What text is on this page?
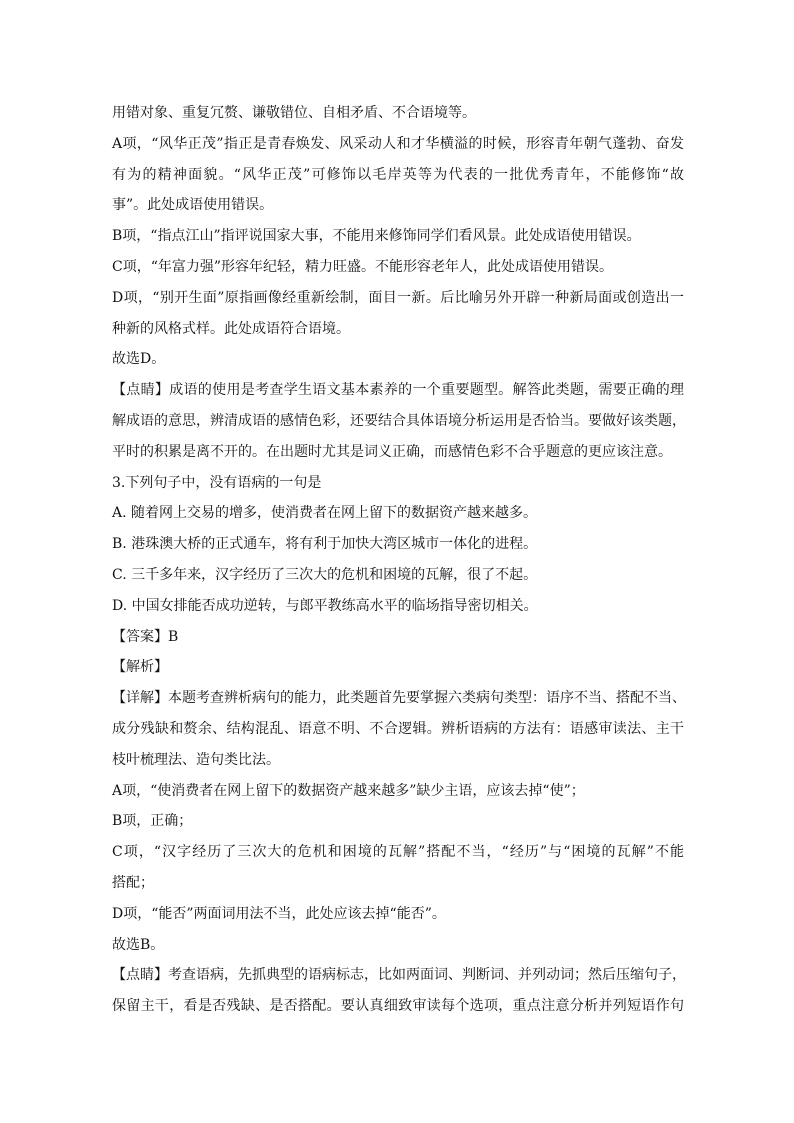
用错对象、重复冗赘、谦敬错位、自相矛盾、不合语境等。
A项，“风华正茂”指正是青春焕发、风采动人和才华横溢的时候，形容青年朝气蓬勃、奋发
有为的精神面貌。“风华正茂”可修饰以毛岸英等为代表的一批优秀青年，不能修饰“故
事”。此处成语使用错误。
B项，“指点江山”指评说国家大事，不能用来修饰同学们看风景。此处成语使用错误。
C项，“年富力强”形容年纪轻，精力旺盛。不能形容老年人，此处成语使用错误。
D项，“别开生面”原指画像经重新绘制，面目一新。后比喻另外开辟一种新局面或创造出一
种新的风格式样。此处成语符合语境。
故选D。
【点睛】成语的使用是考查学生语文基本素养的一个重要题型。解答此类题，需要正确的理
解成语的意思，辨清成语的感情色彩，还要结合具体语境分析运用是否恰当。要做好该类题，
平时的积累是离不开的。在出题时尤其是词义正确，而感情色彩不合乎题意的更应该注意。
3.下列句子中，没有语病的一句是
A. 随着网上交易的增多，使消费者在网上留下的数据资产越来越多。
B. 港珠澳大桥的正式通车，将有利于加快大湾区城市一体化的进程。
C. 三千多年来，汉字经历了三次大的危机和困境的瓦解，很了不起。
D. 中国女排能否成功逆转，与郎平教练高水平的临场指导密切相关。
【答案】B
【解析】
【详解】本题考查辨析病句的能力，此类题首先要掌握六类病句类型：语序不当、搭配不当、
成分残缺和赘余、结构混乱、语意不明、不合逻辑。辨析语病的方法有：语感审读法、主干
枝叶梳理法、造句类比法。
A项，“使消费者在网上留下的数据资产越来越多”缺少主语，应该去掉“使”；
B项，正确；
C项，“汉字经历了三次大的危机和困境的瓦解”搭配不当，“经历”与“困境的瓦解”不能
搭配；
D项，“能否”两面词用法不当，此处应该去掉“能否”。
故选B。
【点睛】考查语病，先抓典型的语病标志，比如两面词、判断词、并列动词；然后压缩句子，
保留主干，看是否残缺、是否搭配。要认真细致审读每个选项，重点注意分析并列短语作句
